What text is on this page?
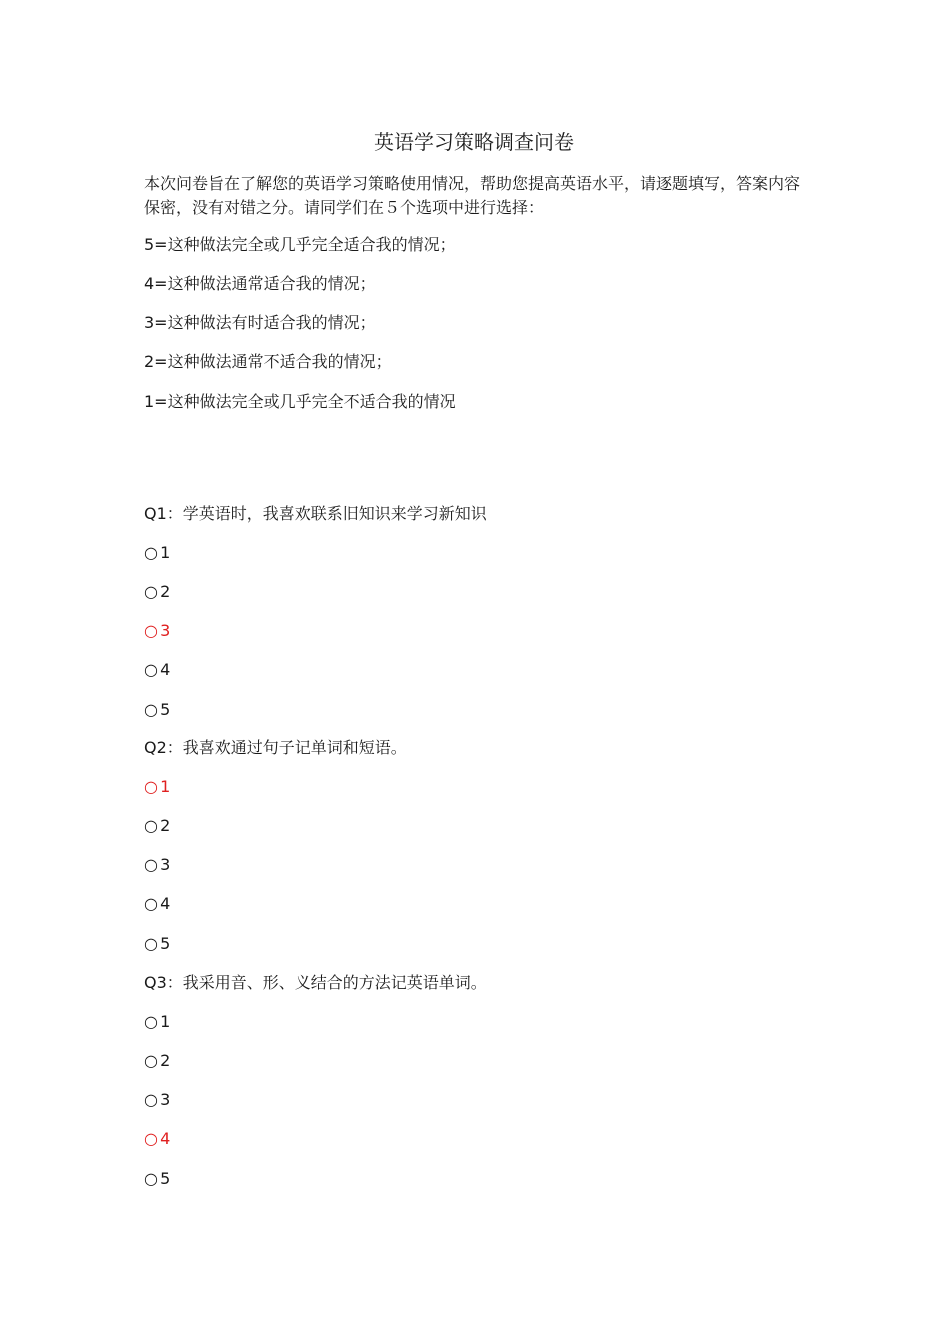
英语学习策略调查问卷
本次问卷旨在了解您的英语学习策略使用情况，帮助您提高英语水平，请逐题填写，答案内容保密，没有对错之分。请同学们在５个选项中进行选择：
5=这种做法完全或几乎完全适合我的情况；
4=这种做法通常适合我的情况；
3=这种做法有时适合我的情况；
2=这种做法通常不适合我的情况；
1=这种做法完全或几乎完全不适合我的情况
Q1：学英语时，我喜欢联系旧知识来学习新知识
○ 1
○ 2
○ 3
○ 4
○ 5
Q2：我喜欢通过句子记单词和短语。
○ 1
○ 2
○ 3
○ 4
○ 5
Q3：我采用音、形、义结合的方法记英语单词。
○ 1
○ 2
○ 3
○ 4
○ 5
